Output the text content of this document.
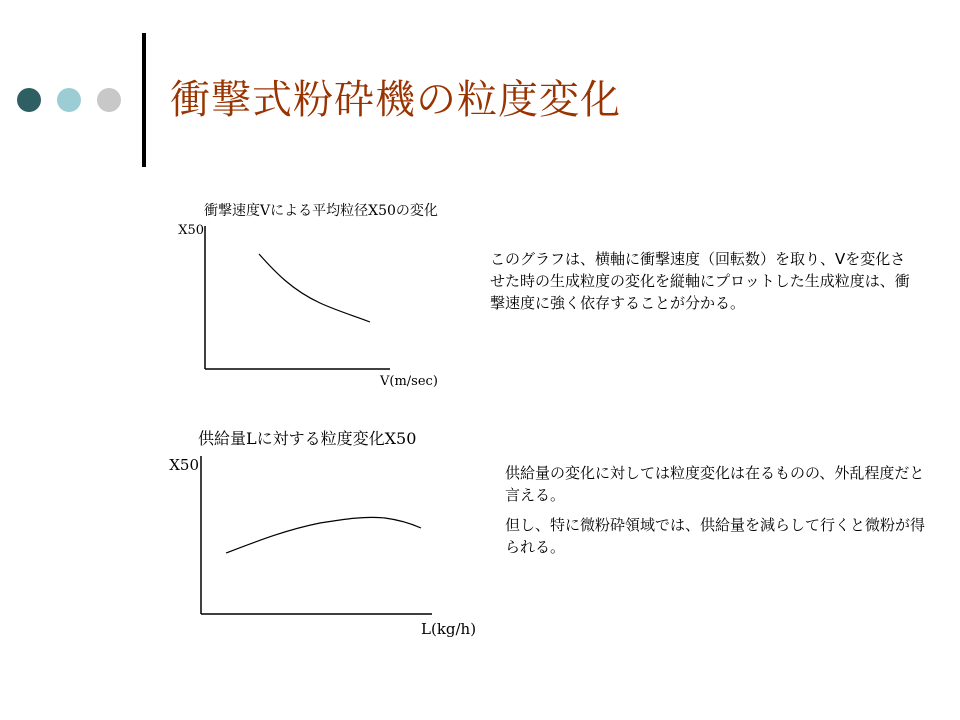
衝撃式粉砕機の粒度変化
衝撃速度Vによる平均粒径X50の変化
供給量Lに対する粒度変化X50
X50
V(m/sec)
X50
L(kg/h)

このグラフは、横軸に衝撃速度（回転数）を取り、Vを変化させた時の生成粒度の変化を縦軸にプロットした生成粒度は、衝撃速度に強く依存することが分かる。

供給量の変化に対しては粒度変化は在るものの、外乱程度だと言える。

但し、特に微粉砕領域では、供給量を減らして行くと微粉が得られる。
